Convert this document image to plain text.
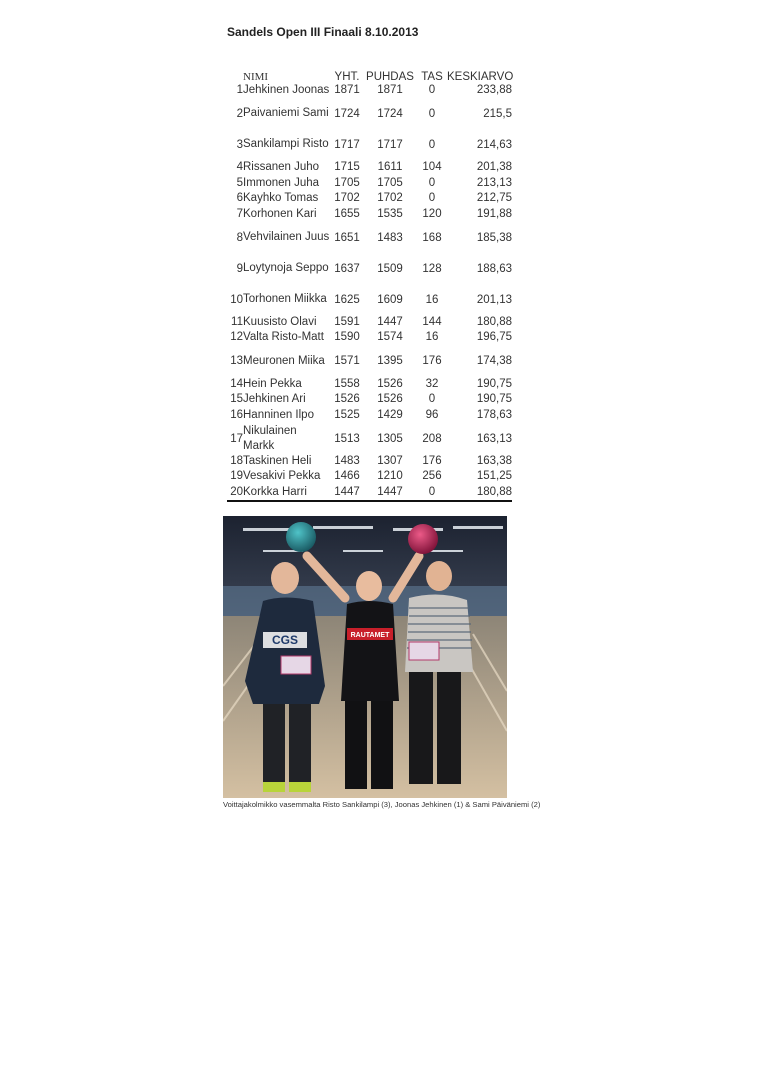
Sandels Open III Finaali 8.10.2013
	NIMI	YHT.	PUHDAS	TAS	KESKIARVO
1	Jehkinen Joonas	1871	1871	0	233,88
2	Paivaniemi Sami	1724	1724	0	215,5
3	Sankilampi Risto	1717	1717	0	214,63
4	Rissanen Juho	1715	1611	104	201,38
5	Immonen Juha	1705	1705	0	213,13
6	Kayhko Tomas	1702	1702	0	212,75
7	Korhonen Kari	1655	1535	120	191,88
8	Vehvilainen Juus	1651	1483	168	185,38
9	Loytynoja Seppo	1637	1509	128	188,63
10	Torhonen Miikka	1625	1609	16	201,13
11	Kuusisto Olavi	1591	1447	144	180,88
12	Valta Risto-Matt	1590	1574	16	196,75
13	Meuronen Miika	1571	1395	176	174,38
14	Hein Pekka	1558	1526	32	190,75
15	Jehkinen Ari	1526	1526	0	190,75
16	Hanninen Ilpo	1525	1429	96	178,63
17	Nikulainen Markk	1513	1305	208	163,13
18	Taskinen Heli	1483	1307	176	163,38
19	Vesakivi Pekka	1466	1210	256	151,25
20	Korkka Harri	1447	1447	0	180,88
CGS	RAUTAMET
Voittajakolmikko vasemmalta Risto Sankilampi (3), Joonas Jehkinen (1) & Sami Päiväniemi (2)
